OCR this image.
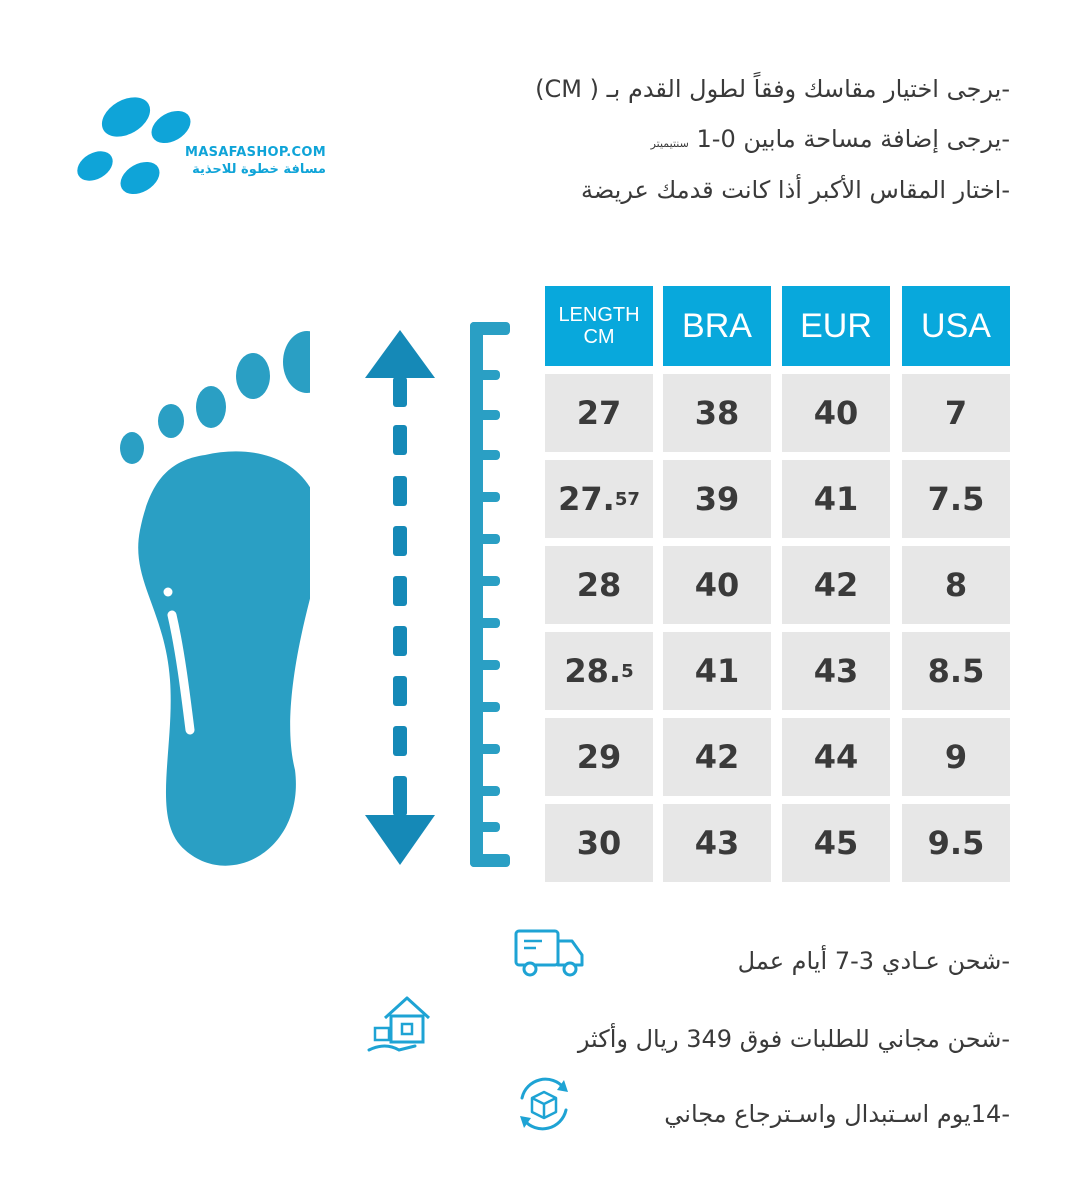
-يرجى اختيار مقاسك وفقاً لطول القدم بـ ( CM)
-يرجى إضافة مساحة مابين 0-1 سنتيميتر
-اختار المقاس الأكبر أذا كانت قدمك عريضة
MASAFASHOP.COM
مسافة خطوة للاحذية
LENGTH
CM
27
27. 57
28
28. 5
29
30
BRA
38
39
40
41
42
43
EUR
40
41
42
43
44
45
USA
7
7.5
8
8.5
9
9.5
-شحن عـادي 3-7 أيام عمل
-شحن مجاني للطلبات فوق 349 ريال وأكثر
-14يوم اسـتبدال واسـترجاع مجاني
